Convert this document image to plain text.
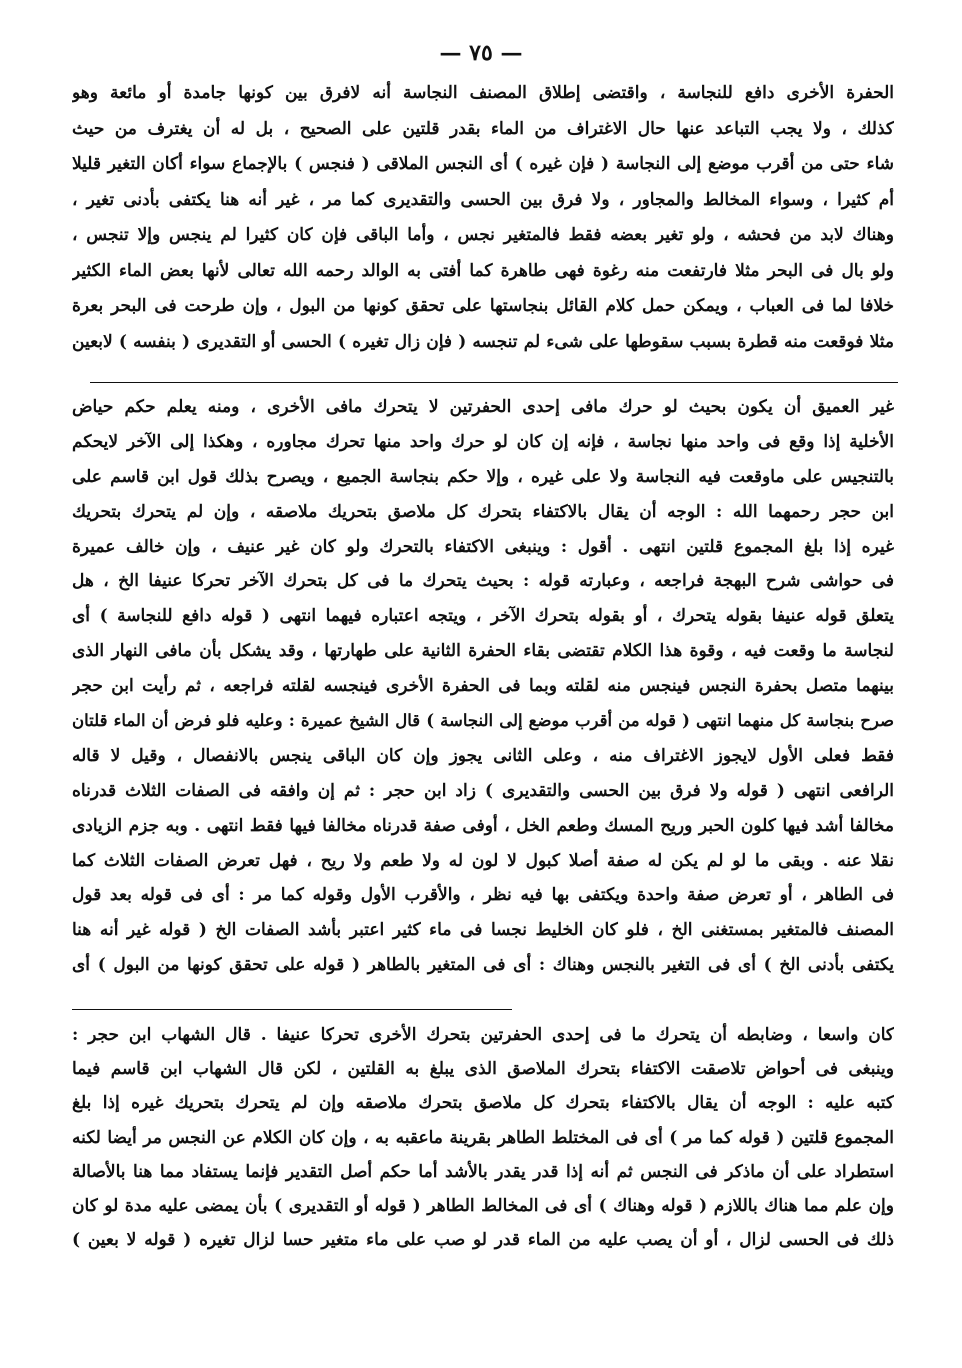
— ٧٥ —
الحفرة الأخرى دافع للنجاسة ، واقتضى إطلاق المصنف النجاسة أنه لافرق بين كونها جامدة أو مائعة وهو
كذلك ، ولا يجب التباعد عنها حال الاغتراف من الماء بقدر قلتين على الصحيح ، بل له أن يغترف من حيث
شاء حتى من أقرب موضع إلى النجاسة ( فإن غيره ) أى النجس الملاقى ( فنجس ) بالإجماع سواء أكان التغير قليلا
أم كثيرا ، وسواء المخالط والمجاور ، ولا فرق بين الحسى والتقديرى كما مر ، غير أنه هنا يكتفى بأدنى تغير ،
وهناك لابد من فحشه ، ولو تغير بعضه فقط فالمتغير نجس ، وأما الباقى فإن كان كثيرا لم ينجس وإلا تنجس ،
ولو بال فى البحر مثلا فارتفعت منه رغوة فهى طاهرة كما أفتى به الوالد رحمه الله تعالى لأنها بعض الماء الكثير
خلافا لما فى العباب ، ويمكن حمل كلام القائل بنجاستها على تحقق كونها من البول ، وإن طرحت فى البحر بعرة
مثلا فوقعت منه قطرة بسبب سقوطها على شىء لم تنجسه ( فإن زال تغيره ) الحسى أو التقديرى ( بنفسه ) لابعين
غير العميق أن يكون بحيث لو حرك مافى إحدى الحفرتين لا يتحرك مافى الأخرى ، ومنه يعلم حكم حياض
الأخلية إذا وقع فى واحد منها نجاسة ، فإنه إن كان لو حرك واحد منها تحرك مجاوره ، وهكذا إلى الآخر لايحكم
بالتنجيس على ماوقعت فيه النجاسة ولا على غيره ، وإلا حكم بنجاسة الجميع ، ويصرح بذلك قول ابن قاسم على
ابن حجر رحمهما الله : الوجه أن يقال بالاكتفاء بتحرك كل ملاصق بتحريك ملاصقه ، وإن لم يتحرك بتحريك
غيره إذا بلغ المجموع قلتين انتهى . أقول : وينبغى الاكتفاء بالتحرك ولو كان غير عنيف ، وإن خالف عميرة
فى حواشى شرح البهجة فراجعه ، وعبارته قوله : بحيث يتحرك ما فى كل بتحرك الآخر تحركا عنيفا الخ ، هل
يتعلق قوله عنيفا بقوله يتحرك ، أو بقوله بتحرك الآخر ، ويتجه اعتباره فيهما انتهى ( قوله دافع للنجاسة ) أى
لنجاسة ما وقعت فيه ، وقوة هذا الكلام تقتضى بقاء الحفرة الثانية على طهارتها ، وقد يشكل بأن مافى النهار الذى
بينهما متصل بحفرة النجس فينجس منه لقلته وبما فى الحفرة الأخرى فينجسه لقلته فراجعه ، ثم رأيت ابن حجر
صرح بنجاسة كل منهما انتهى ( قوله من أقرب موضع إلى النجاسة ) قال الشيخ عميرة : وعليه فلو فرض أن الماء قلتان
فقط فعلى الأول لايجوز الاغتراف منه ، وعلى الثانى يجوز وإن كان الباقى ينجس بالانفصال ، وقيل لا قاله
الرافعى انتهى ( قوله ولا فرق بين الحسى والتقديرى ) زاد ابن حجر : ثم إن وافقه فى الصفات الثلاث قدرناه
مخالفا أشد فيها كلون الحبر وريح المسك وطعم الخل ، أوفى صفة قدرناه مخالفا فيها فقط انتهى . وبه جزم الزيادى
نقلا عنه . وبقى ما لو لم يكن له صفة أصلا كبول لا لون له ولا طعم ولا ريح ، فهل تعرض الصفات الثلاث كما
فى الطاهر ، أو تعرض صفة واحدة ويكتفى بها فيه نظر ، والأقرب الأول وقوله كما مر : أى فى قوله بعد قول
المصنف فالمتغير بمستغنى الخ ، فلو كان الخليط نجسا فى ماء كثير اعتبر بأشد الصفات الخ ( قوله غير أنه هنا
يكتفى بأدنى الخ ) أى فى التغير بالنجس وهناك : أى فى المتغير بالطاهر ( قوله على تحقق كونها من البول ) أى
كان واسعا ، وضابطه أن يتحرك ما فى إحدى الحفرتين بتحرك الأخرى تحركا عنيفا . قال الشهاب ابن حجر :
وينبغى فى أحواض تلاصقت الاكتفاء بتحرك الملاصق الذى يبلغ به القلتين ، لكن قال الشهاب ابن قاسم فيما
كتبه عليه : الوجه أن يقال بالاكتفاء بتحرك كل ملاصق بتحرك ملاصقه وإن لم يتحرك بتحريك غيره إذا بلغ
المجموع قلتين ( قوله كما مر ) أى فى المختلط الطاهر بقرينة ماعقبه به ، وإن كان الكلام عن النجس مر أيضا لكنه
استطراد على أن ماذكر فى النجس ثم أنه إذا قدر يقدر بالأشد أما حكم أصل التقدير فإنما يستفاد مما هنا بالأصالة
وإن علم مما هناك باللازم ( قوله وهناك ) أى فى المخالط الطاهر ( قوله أو التقديرى ) بأن يمضى عليه مدة لو كان
ذلك فى الحسى لزال ، أو أن يصب عليه من الماء قدر لو صب على ماء متغير حسا لزال تغيره ( قوله لا بعين )
